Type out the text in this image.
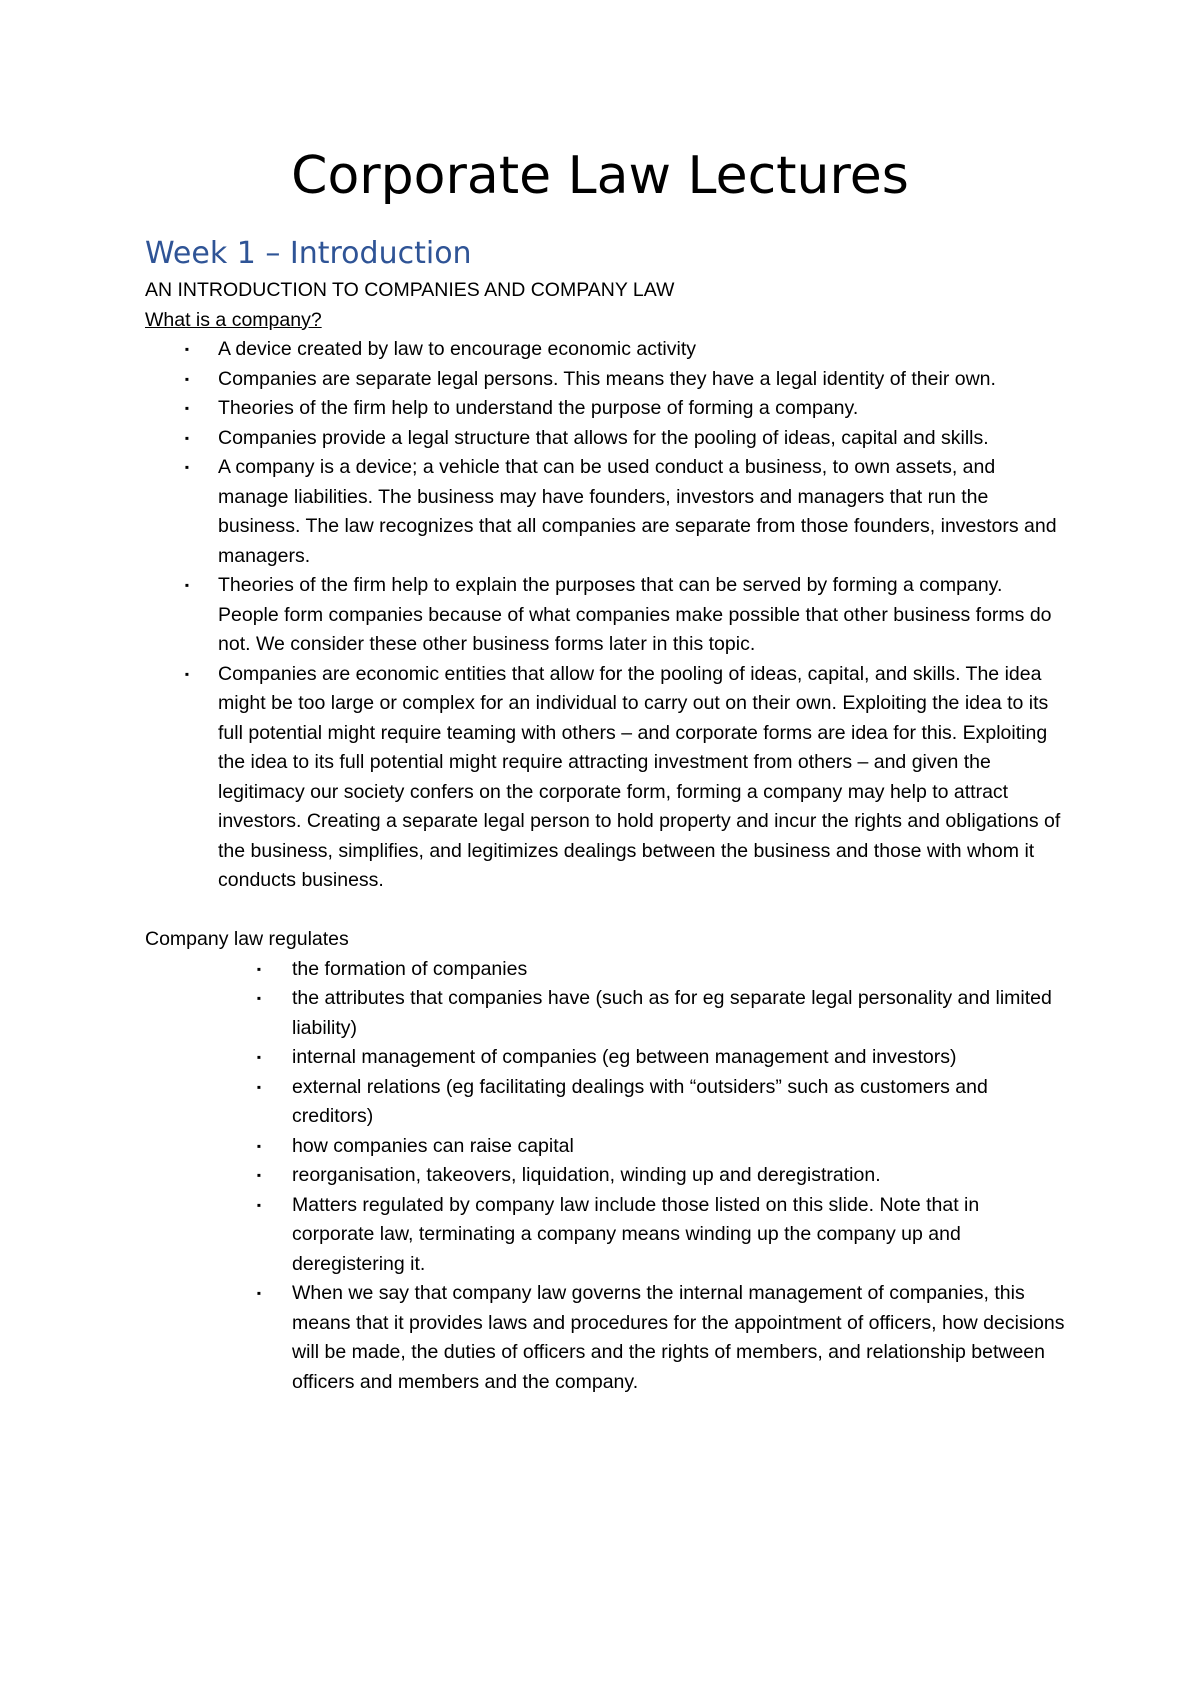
Corporate Law Lectures
Week 1 – Introduction

AN INTRODUCTION TO COMPANIES AND COMPANY LAW

What is a company?

▪ A device created by law to encourage economic activity
▪ Companies are separate legal persons. This means they have a legal identity of their own.
▪ Theories of the firm help to understand the purpose of forming a company.
▪ Companies provide a legal structure that allows for the pooling of ideas, capital and skills.
▪ A company is a device; a vehicle that can be used conduct a business, to own assets, and manage liabilities. The business may have founders, investors and managers that run the business. The law recognizes that all companies are separate from those founders, investors and managers.
▪ Theories of the firm help to explain the purposes that can be served by forming a company. People form companies because of what companies make possible that other business forms do not. We consider these other business forms later in this topic.
▪ Companies are economic entities that allow for the pooling of ideas, capital, and skills. The idea might be too large or complex for an individual to carry out on their own. Exploiting the idea to its full potential might require teaming with others – and corporate forms are idea for this. Exploiting the idea to its full potential might require attracting investment from others – and given the legitimacy our society confers on the corporate form, forming a company may help to attract investors. Creating a separate legal person to hold property and incur the rights and obligations of the business, simplifies, and legitimizes dealings between the business and those with whom it conducts business.

Company law regulates

▪ the formation of companies
▪ the attributes that companies have (such as for eg separate legal personality and limited liability)
▪ internal management of companies (eg between management and investors)
▪ external relations (eg facilitating dealings with “outsiders” such as customers and creditors)
▪ how companies can raise capital
▪ reorganisation, takeovers, liquidation, winding up and deregistration.
▪ Matters regulated by company law include those listed on this slide. Note that in corporate law, terminating a company means winding up the company up and deregistering it.
▪ When we say that company law governs the internal management of companies, this means that it provides laws and procedures for the appointment of officers, how decisions will be made, the duties of officers and the rights of members, and relationship between officers and members and the company.
